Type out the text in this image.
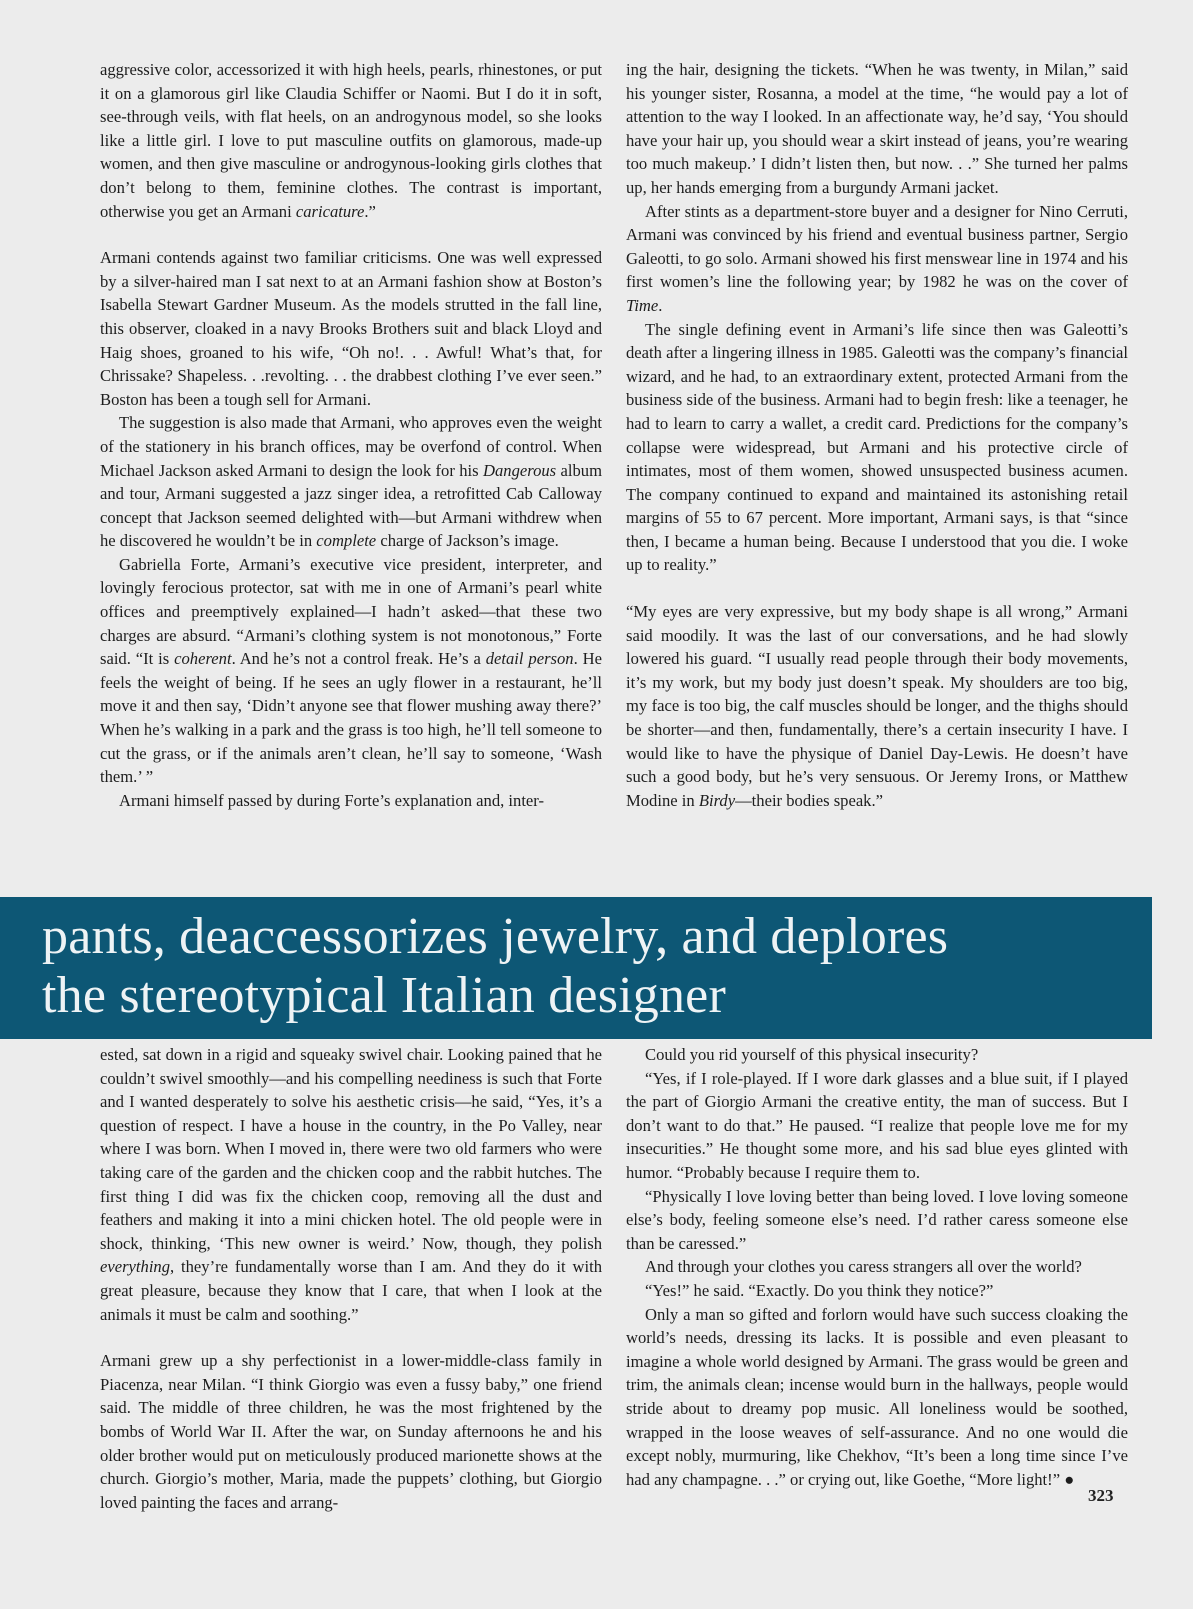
aggressive color, accessorized it with high heels, pearls, rhinestones, or put it on a glamorous girl like Claudia Schiffer or Naomi. But I do it in soft, see-through veils, with flat heels, on an androgynous model, so she looks like a little girl. I love to put masculine outfits on glamorous, made-up women, and then give masculine or androgynous-looking girls clothes that don’t belong to them, feminine clothes. The contrast is important, otherwise you get an Armani caricature.”

Armani contends against two familiar criticisms. One was well expressed by a silver-haired man I sat next to at an Armani fashion show at Boston’s Isabella Stewart Gardner Museum. As the models strutted in the fall line, this observer, cloaked in a navy Brooks Brothers suit and black Lloyd and Haig shoes, groaned to his wife, “Oh no!. . . Awful! What’s that, for Chrissake? Shapeless. . .revolting. . . the drabbest clothing I’ve ever seen.” Boston has been a tough sell for Armani.

The suggestion is also made that Armani, who approves even the weight of the stationery in his branch offices, may be overfond of control. When Michael Jackson asked Armani to design the look for his Dangerous album and tour, Armani suggested a jazz singer idea, a retrofitted Cab Calloway concept that Jackson seemed delighted with—but Armani withdrew when he discovered he wouldn’t be in complete charge of Jackson’s image.

Gabriella Forte, Armani’s executive vice president, interpreter, and lovingly ferocious protector, sat with me in one of Armani’s pearl white offices and preemptively explained—I hadn’t asked—that these two charges are absurd. “Armani’s clothing system is not monotonous,” Forte said. “It is coherent. And he’s not a control freak. He’s a detail person. He feels the weight of being. If he sees an ugly flower in a restaurant, he’ll move it and then say, ‘Didn’t anyone see that flower mushing away there?’ When he’s walking in a park and the grass is too high, he’ll tell someone to cut the grass, or if the animals aren’t clean, he’ll say to someone, ‘Wash them.’ ”

Armani himself passed by during Forte’s explanation and, inter-

ing the hair, designing the tickets. “When he was twenty, in Milan,” said his younger sister, Rosanna, a model at the time, “he would pay a lot of attention to the way I looked. In an affectionate way, he’d say, ‘You should have your hair up, you should wear a skirt instead of jeans, you’re wearing too much makeup.’ I didn’t listen then, but now. . .” She turned her palms up, her hands emerging from a burgundy Armani jacket.

After stints as a department-store buyer and a designer for Nino Cerruti, Armani was convinced by his friend and eventual business partner, Sergio Galeotti, to go solo. Armani showed his first menswear line in 1974 and his first women’s line the following year; by 1982 he was on the cover of Time.

The single defining event in Armani’s life since then was Galeotti’s death after a lingering illness in 1985. Galeotti was the company’s financial wizard, and he had, to an extraordinary extent, protected Armani from the business side of the business. Armani had to begin fresh: like a teenager, he had to learn to carry a wallet, a credit card. Predictions for the company’s collapse were widespread, but Armani and his protective circle of intimates, most of them women, showed unsuspected business acumen. The company continued to expand and maintained its astonishing retail margins of 55 to 67 percent. More important, Armani says, is that “since then, I became a human being. Because I understood that you die. I woke up to reality.”

“My eyes are very expressive, but my body shape is all wrong,” Armani said moodily. It was the last of our conversations, and he had slowly lowered his guard. “I usually read people through their body movements, it’s my work, but my body just doesn’t speak. My shoulders are too big, my face is too big, the calf muscles should be longer, and the thighs should be shorter—and then, fundamentally, there’s a certain insecurity I have. I would like to have the physique of Daniel Day-Lewis. He doesn’t have such a good body, but he’s very sensuous. Or Jeremy Irons, or Matthew Modine in Birdy—their bodies speak.”

pants, deaccessorizes jewelry, and deplores
the stereotypical Italian designer

ested, sat down in a rigid and squeaky swivel chair. Looking pained that he couldn’t swivel smoothly—and his compelling neediness is such that Forte and I wanted desperately to solve his aesthetic crisis—he said, “Yes, it’s a question of respect. I have a house in the country, in the Po Valley, near where I was born. When I moved in, there were two old farmers who were taking care of the garden and the chicken coop and the rabbit hutches. The first thing I did was fix the chicken coop, removing all the dust and feathers and making it into a mini chicken hotel. The old people were in shock, thinking, ‘This new owner is weird.’ Now, though, they polish everything, they’re fundamentally worse than I am. And they do it with great pleasure, because they know that I care, that when I look at the animals it must be calm and soothing.”

Armani grew up a shy perfectionist in a lower-middle-class family in Piacenza, near Milan. “I think Giorgio was even a fussy baby,” one friend said. The middle of three children, he was the most frightened by the bombs of World War II. After the war, on Sunday afternoons he and his older brother would put on meticulously produced marionette shows at the church. Giorgio’s mother, Maria, made the puppets’ clothing, but Giorgio loved painting the faces and arrang-

Could you rid yourself of this physical insecurity?

“Yes, if I role-played. If I wore dark glasses and a blue suit, if I played the part of Giorgio Armani the creative entity, the man of success. But I don’t want to do that.” He paused. “I realize that people love me for my insecurities.” He thought some more, and his sad blue eyes glinted with humor. “Probably because I require them to.

“Physically I love loving better than being loved. I love loving someone else’s body, feeling someone else’s need. I’d rather caress someone else than be caressed.”

And through your clothes you caress strangers all over the world?

“Yes!” he said. “Exactly. Do you think they notice?”

Only a man so gifted and forlorn would have such success cloaking the world’s needs, dressing its lacks. It is possible and even pleasant to imagine a whole world designed by Armani. The grass would be green and trim, the animals clean; incense would burn in the hallways, people would stride about to dreamy pop music. All loneliness would be soothed, wrapped in the loose weaves of self-assurance. And no one would die except nobly, murmuring, like Chekhov, “It’s been a long time since I’ve had any champagne. . .” or crying out, like Goethe, “More light!” ●

323
